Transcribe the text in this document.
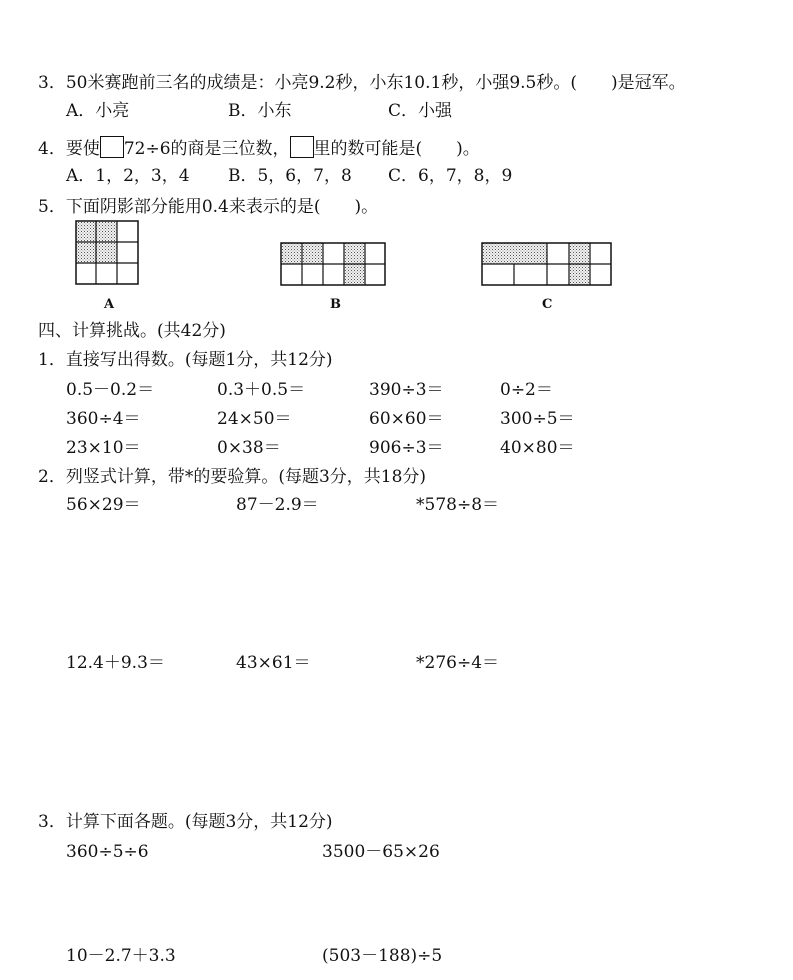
3．50米赛跑前三名的成绩是：小亮9.2秒，小东10.1秒，小强9.5秒。(　　)是冠军。
A．小亮	B．小东	C．小强
4．要使 72÷6的商是三位数， 里的数可能是(　　)。
A．1，2，3，4 B．5，6，7，8 C．6，7，8，9
5．下面阴影部分能用0.4来表示的是(　　)。
A	B	C
四、计算挑战。(共42分)
1．直接写出得数。(每题1分，共12分)
0.5－0.2＝	0.3＋0.5＝	390÷3＝	0÷2＝
360÷4＝	24×50＝	60×60＝	300÷5＝
23×10＝	0×38＝	906÷3＝	40×80＝
2．列竖式计算，带*的要验算。(每题3分，共18分)
56×29＝	87－2.9＝	*578÷8＝
12.4＋9.3＝	43×61＝	*276÷4＝
3．计算下面各题。(每题3分，共12分)
360÷5÷6	3500－65×26
10－2.7＋3.3	(503－188)÷5
